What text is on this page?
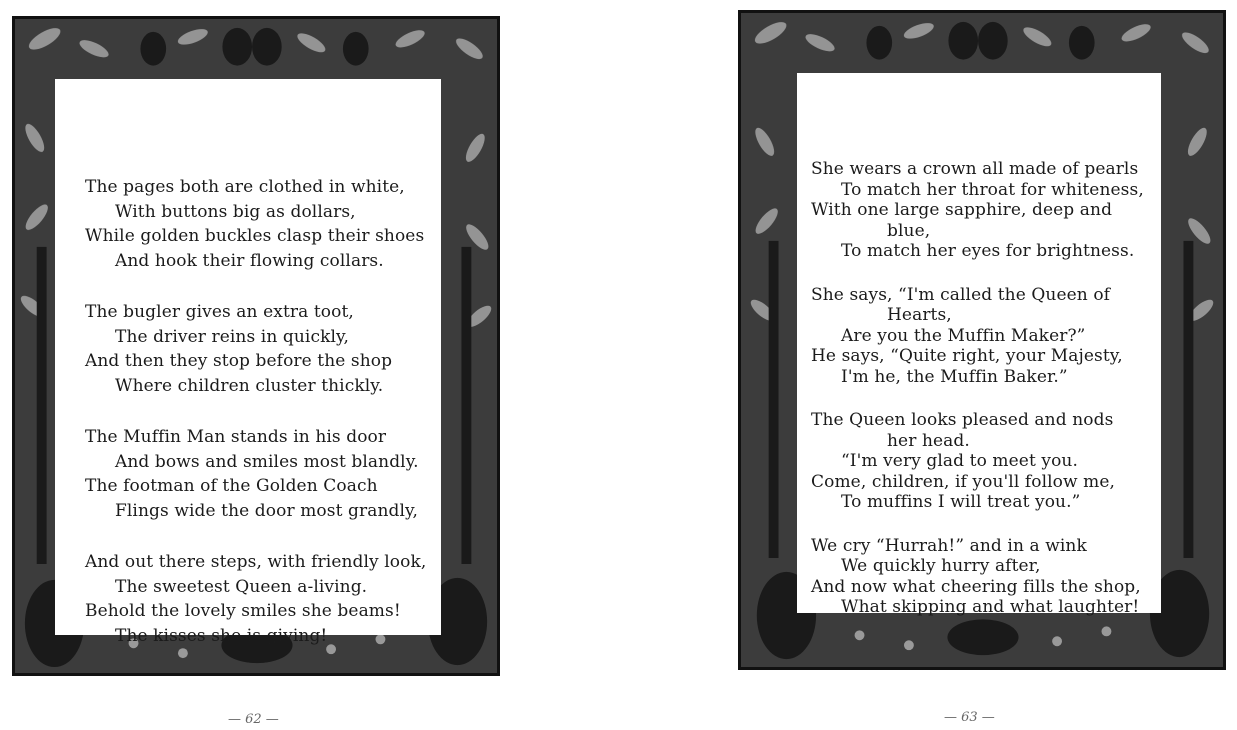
The pages both are clothed in white,

With buttons big as dollars,

While golden buckles clasp their shoes

And hook their flowing collars.

The bugler gives an extra toot,

The driver reins in quickly,

And then they stop before the shop

Where children cluster thickly.

The Muffin Man stands in his door

And bows and smiles most blandly.

The footman of the Golden Coach

Flings wide the door most grandly,

And out there steps, with friendly look,

The sweetest Queen a-living.

Behold the lovely smiles she beams!

The kisses she is giving!

She wears a crown all made of pearls

To match her throat for whiteness,

With one large sapphire, deep and

blue,

To match her eyes for brightness.

She says, “I'm called the Queen of

Hearts,

Are you the Muffin Maker?”

He says, “Quite right, your Majesty,

I'm he, the Muffin Baker.”

The Queen looks pleased and nods

her head.

“I'm very glad to meet you.

Come, children, if you'll follow me,

To muffins I will treat you.”

We cry “Hurrah!” and in a wink

We quickly hurry after,

And now what cheering fills the shop,

What skipping and what laughter!

— 62 —	— 63 —
